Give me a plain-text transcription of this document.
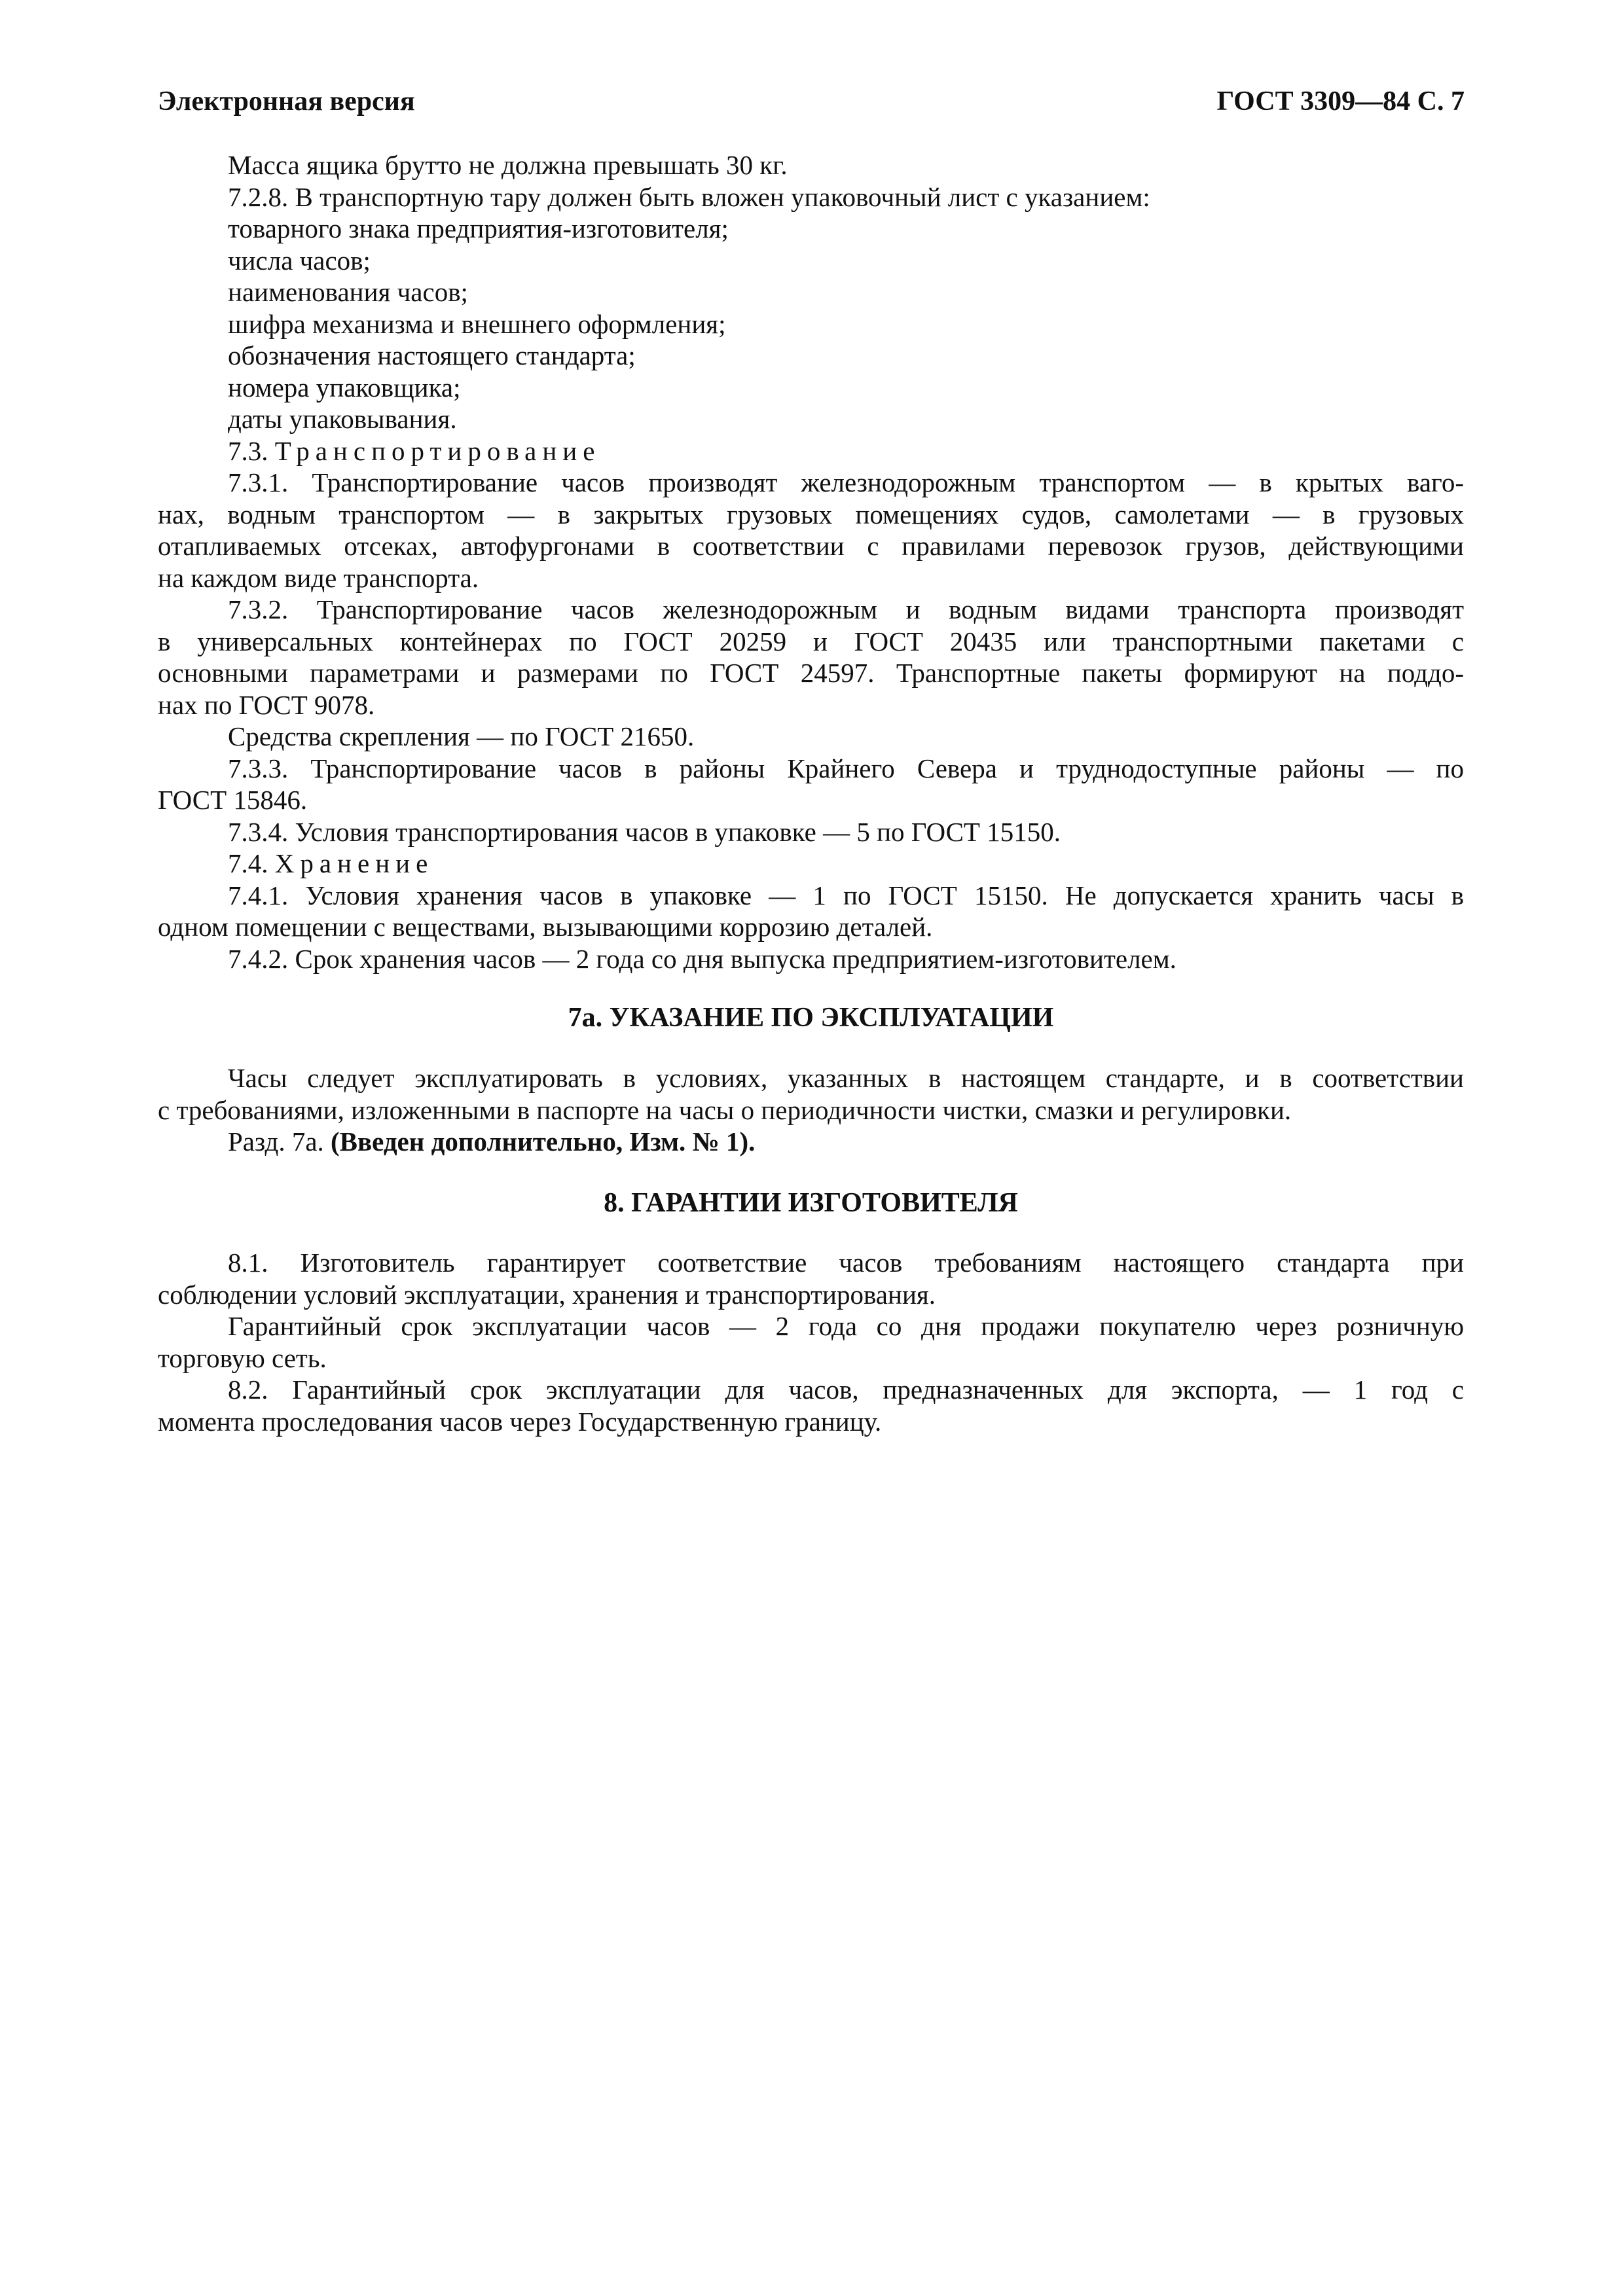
Электронная версия	ГОСТ 3309—84 С. 7
Масса ящика брутто не должна превышать 30 кг.
7.2.8. В транспортную тару должен быть вложен упаковочный лист с указанием:
товарного знака предприятия-изготовителя;
числа часов;
наименования часов;
шифра механизма и внешнего оформления;
обозначения настоящего стандарта;
номера упаковщика;
даты упаковывания.
7.3. Транспортирование
7.3.1. Транспортирование часов производят железнодорожным транспортом — в крытых ваго-
нах, водным транспортом — в закрытых грузовых помещениях судов, самолетами — в грузовых
отапливаемых отсеках, автофургонами в соответствии с правилами перевозок грузов, действующими
на каждом виде транспорта.
7.3.2. Транспортирование часов железнодорожным и водным видами транспорта производят
в универсальных контейнерах по ГОСТ 20259 и ГОСТ 20435 или транспортными пакетами с
основными параметрами и размерами по ГОСТ 24597. Транспортные пакеты формируют на поддо-
нах по ГОСТ 9078.
Средства скрепления — по ГОСТ 21650.
7.3.3. Транспортирование часов в районы Крайнего Севера и труднодоступные районы — по
ГОСТ 15846.
7.3.4. Условия транспортирования часов в упаковке — 5 по ГОСТ 15150.
7.4. Хранение
7.4.1. Условия хранения часов в упаковке — 1 по ГОСТ 15150. Не допускается хранить часы в
одном помещении с веществами, вызывающими коррозию деталей.
7.4.2. Срок хранения часов — 2 года со дня выпуска предприятием-изготовителем.
7а. УКАЗАНИЕ ПО ЭКСПЛУАТАЦИИ
Часы следует эксплуатировать в условиях, указанных в настоящем стандарте, и в соответствии
с требованиями, изложенными в паспорте на часы о периодичности чистки, смазки и регулировки.
Разд. 7а. (Введен дополнительно, Изм. № 1).
8. ГАРАНТИИ ИЗГОТОВИТЕЛЯ
8.1. Изготовитель гарантирует соответствие часов требованиям настоящего стандарта при
соблюдении условий эксплуатации, хранения и транспортирования.
Гарантийный срок эксплуатации часов — 2 года со дня продажи покупателю через розничную
торговую сеть.
8.2. Гарантийный срок эксплуатации для часов, предназначенных для экспорта, — 1 год с
момента проследования часов через Государственную границу.
